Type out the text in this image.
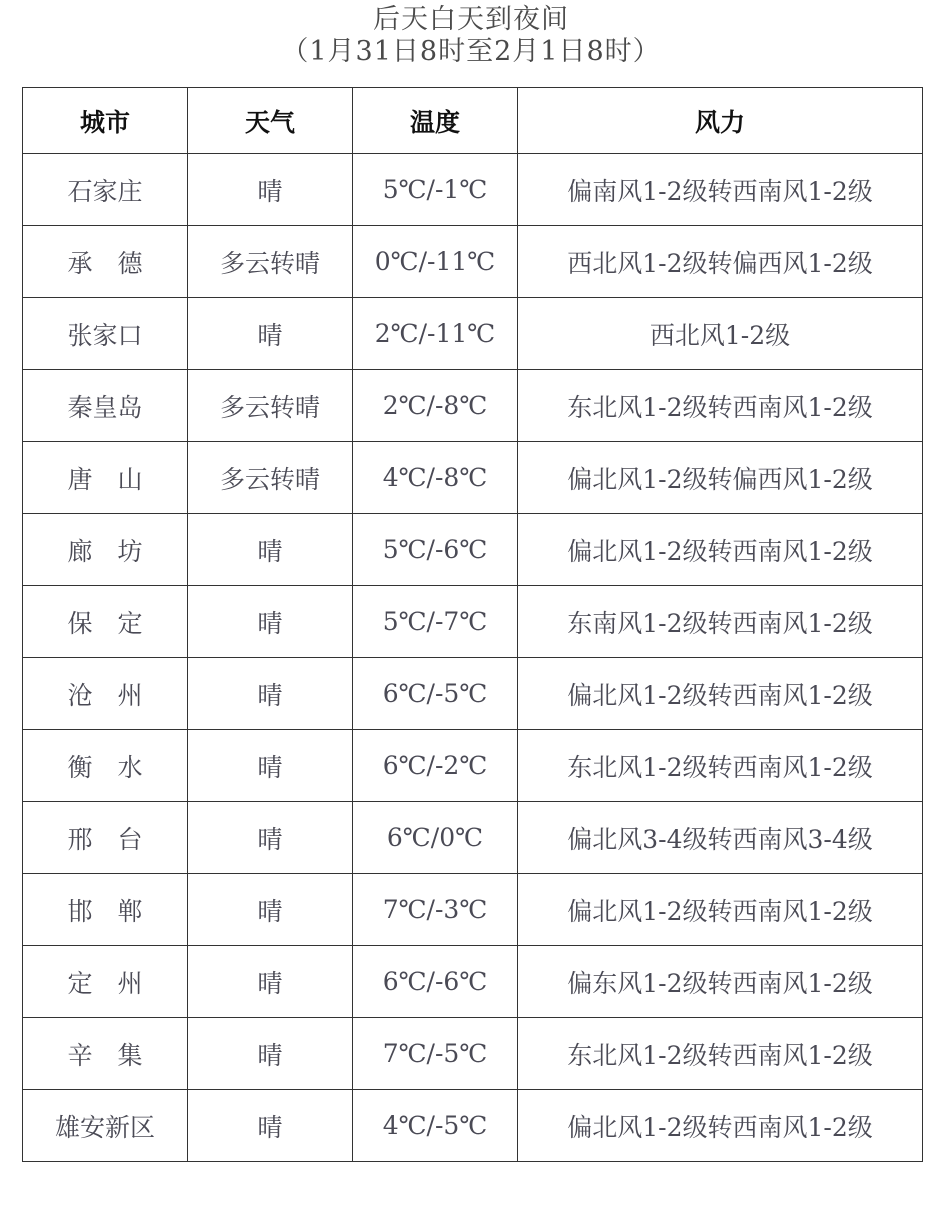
后天白天到夜间
（1月31日8时至2月1日8时）
城市	天气	温度	风力
石家庄	晴	5℃/-1℃	偏南风1-2级转西南风1-2级
承　德	多云转晴	0℃/-11℃	西北风1-2级转偏西风1-2级
张家口	晴	2℃/-11℃	西北风1-2级
秦皇岛	多云转晴	2℃/-8℃	东北风1-2级转西南风1-2级
唐　山	多云转晴	4℃/-8℃	偏北风1-2级转偏西风1-2级
廊　坊	晴	5℃/-6℃	偏北风1-2级转西南风1-2级
保　定	晴	5℃/-7℃	东南风1-2级转西南风1-2级
沧　州	晴	6℃/-5℃	偏北风1-2级转西南风1-2级
衡　水	晴	6℃/-2℃	东北风1-2级转西南风1-2级
邢　台	晴	6℃/0℃	偏北风3-4级转西南风3-4级
邯　郸	晴	7℃/-3℃	偏北风1-2级转西南风1-2级
定　州	晴	6℃/-6℃	偏东风1-2级转西南风1-2级
辛　集	晴	7℃/-5℃	东北风1-2级转西南风1-2级
雄安新区	晴	4℃/-5℃	偏北风1-2级转西南风1-2级
